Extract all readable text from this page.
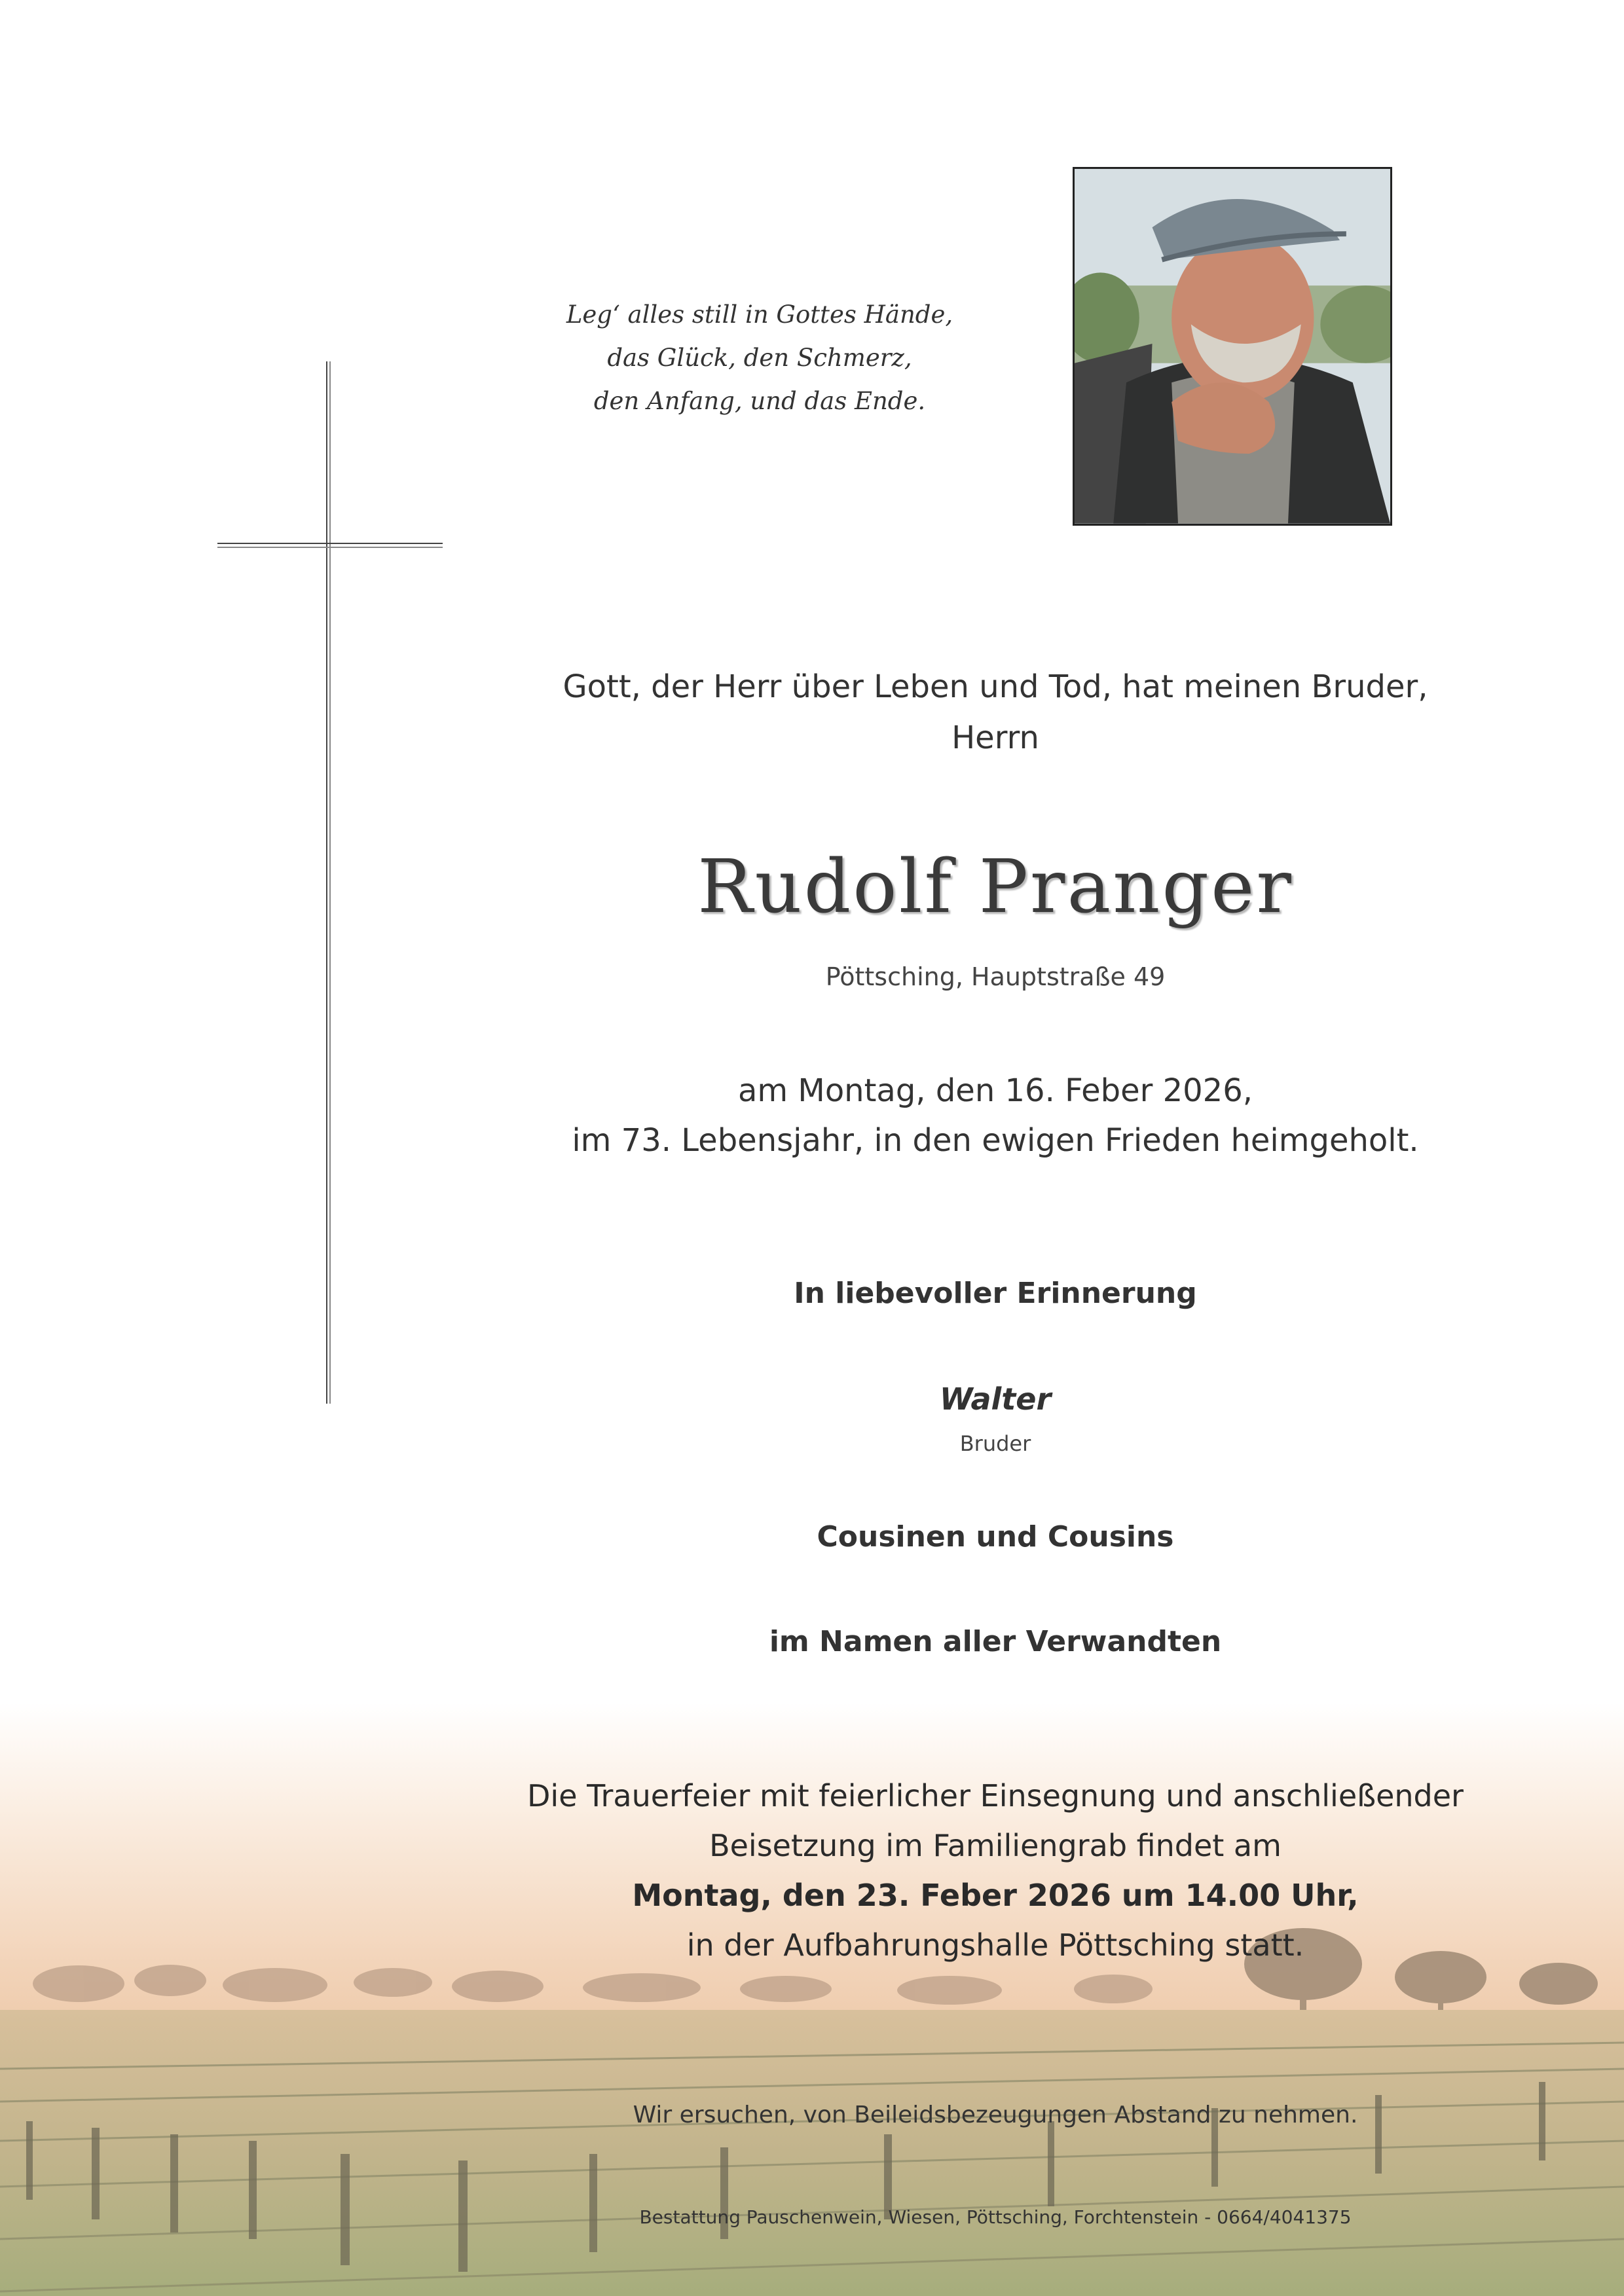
Leg‘ alles still in Gottes Hände,
das Glück, den Schmerz,
den Anfang, und das Ende.
Gott, der Herr über Leben und Tod, hat meinen Bruder,
Herrn
Rudolf Pranger
Pöttsching, Hauptstraße 49
am Montag, den 16. Feber 2026,
im 73. Lebensjahr, in den ewigen Frieden heimgeholt.
In liebevoller Erinnerung
Walter
Bruder
Cousinen und Cousins
im Namen aller Verwandten
Die Trauerfeier mit feierlicher Einsegnung und anschließender
Beisetzung im Familiengrab findet am
Montag, den 23. Feber 2026 um 14.00 Uhr,
in der Aufbahrungshalle Pöttsching statt.
Wir ersuchen, von Beileidsbezeugungen Abstand zu nehmen.
Bestattung Pauschenwein, Wiesen, Pöttsching, Forchtenstein - 0664/4041375
